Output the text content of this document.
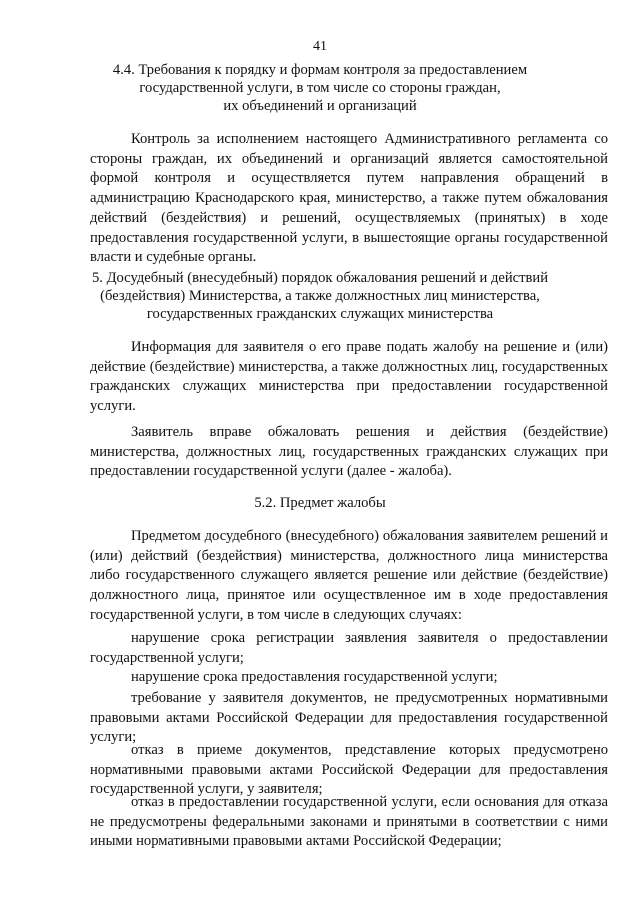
41
4.4. Требования к порядку и формам контроля за предоставлением
государственной услуги, в том числе со стороны граждан,
их объединений и организаций

Контроль за исполнением настоящего Административного регламента со стороны граждан, их объединений и организаций является самостоятельной формой контроля и осуществляется путем направления обращений в администрацию Краснодарского края, министерство, а также путем обжалования действий (бездействия) и решений, осуществляемых (принятых) в ходе предоставления государственной услуги, в вышестоящие органы государственной власти и судебные органы.

5. Досудебный (внесудебный) порядок обжалования решений и действий
(бездействия) Министерства, а также должностных лиц министерства,
государственных гражданских служащих министерства

Информация для заявителя о его праве подать жалобу на решение и (или) действие (бездействие) министерства, а также должностных лиц, государственных гражданских служащих министерства при предоставлении государственной услуги.

Заявитель вправе обжаловать решения и действия (бездействие) министерства, должностных лиц, государственных гражданских служащих при предоставлении государственной услуги (далее - жалоба).

5.2. Предмет жалобы

Предметом досудебного (внесудебного) обжалования заявителем решений и (или) действий (бездействия) министерства, должностного лица министерства либо государственного служащего является решение или действие (бездействие) должностного лица, принятое или осуществленное им в ходе предоставления государственной услуги, в том числе в следующих случаях:

нарушение срока регистрации заявления заявителя о предоставлении государственной услуги;

нарушение срока предоставления государственной услуги;

требование у заявителя документов, не предусмотренных нормативными правовыми актами Российской Федерации для предоставления государственной услуги;

отказ в приеме документов, представление которых предусмотрено нормативными правовыми актами Российской Федерации для предоставления государственной услуги, у заявителя;

отказ в предоставлении государственной услуги, если основания для отказа не предусмотрены федеральными законами и принятыми в соответствии с ними иными нормативными правовыми актами Российской Федерации;
